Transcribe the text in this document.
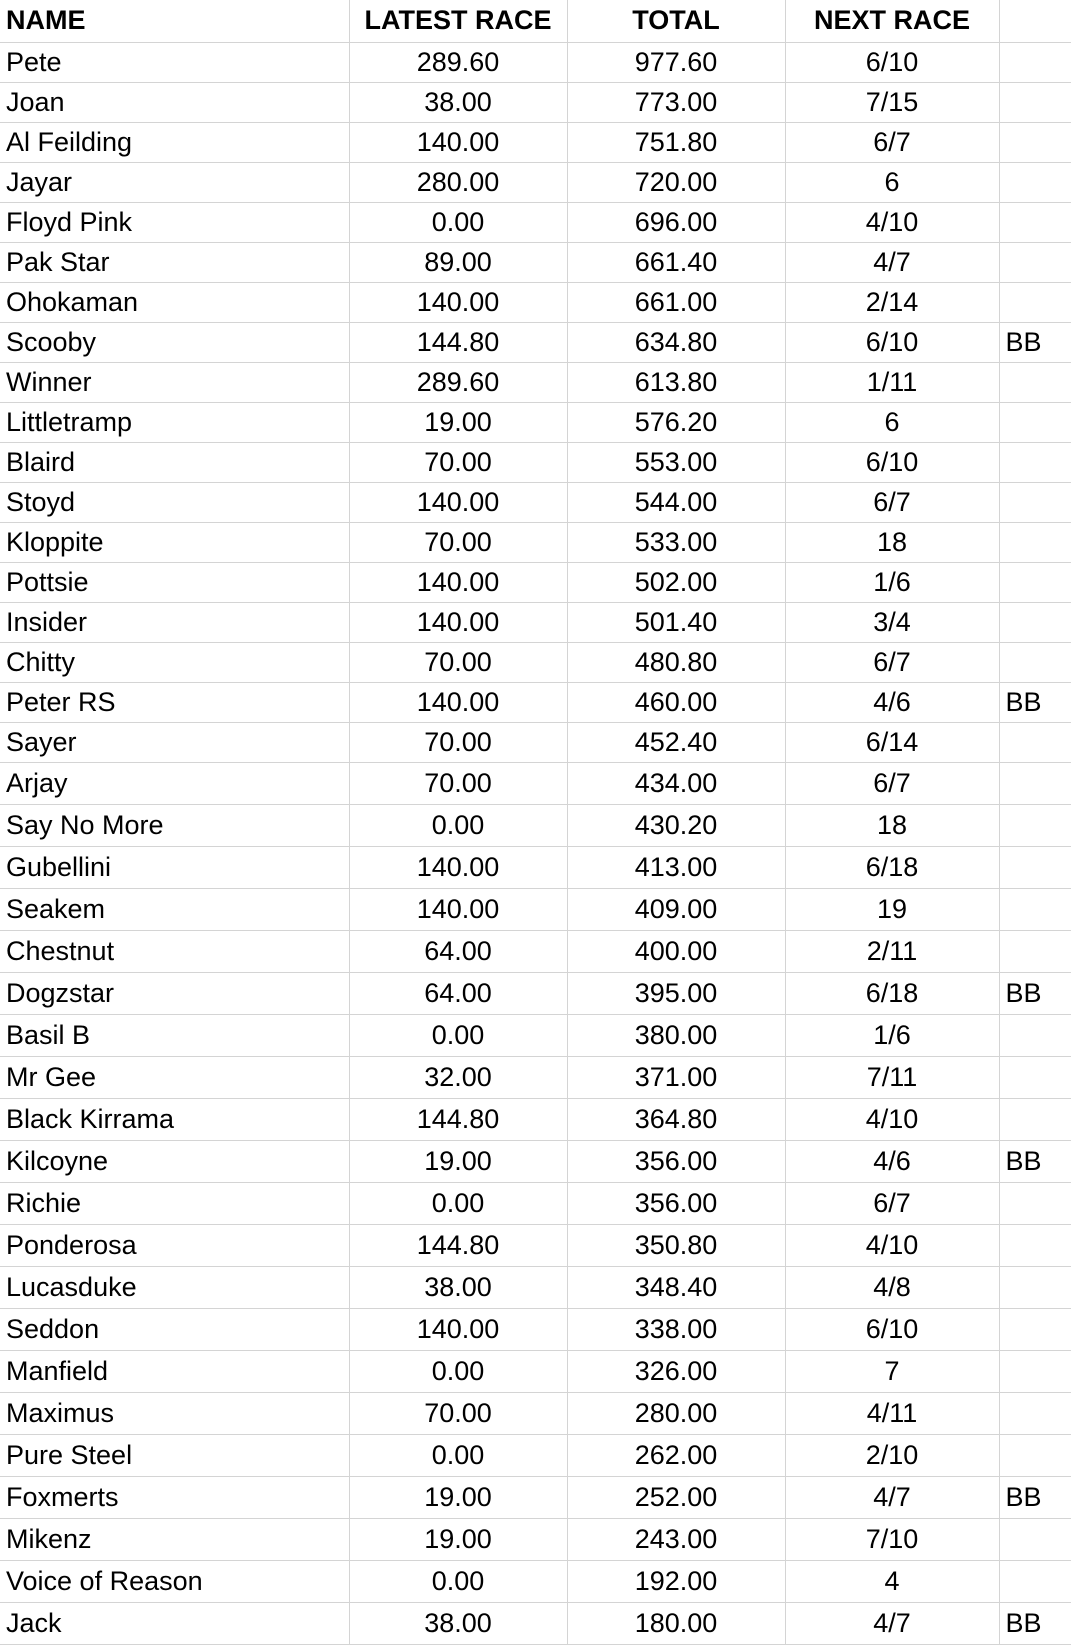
NAME	LATEST RACE	TOTAL	NEXT RACE	
Pete	289.60	977.60	6/10	
Joan	38.00	773.00	7/15	
Al Feilding	140.00	751.80	6/7	
Jayar	280.00	720.00	6	
Floyd Pink	0.00	696.00	4/10	
Pak Star	89.00	661.40	4/7	
Ohokaman	140.00	661.00	2/14	
Scooby	144.80	634.80	6/10	BB
Winner	289.60	613.80	1/11	
Littletramp	19.00	576.20	6	
Blaird	70.00	553.00	6/10	
Stoyd	140.00	544.00	6/7	
Kloppite	70.00	533.00	18	
Pottsie	140.00	502.00	1/6	
Insider	140.00	501.40	3/4	
Chitty	70.00	480.80	6/7	
Peter RS	140.00	460.00	4/6	BB
Sayer	70.00	452.40	6/14	
Arjay	70.00	434.00	6/7	
Say No More	0.00	430.20	18	
Gubellini	140.00	413.00	6/18	
Seakem	140.00	409.00	19	
Chestnut	64.00	400.00	2/11	
Dogzstar	64.00	395.00	6/18	BB
Basil B	0.00	380.00	1/6	
Mr Gee	32.00	371.00	7/11	
Black Kirrama	144.80	364.80	4/10	
Kilcoyne	19.00	356.00	4/6	BB
Richie	0.00	356.00	6/7	
Ponderosa	144.80	350.80	4/10	
Lucasduke	38.00	348.40	4/8	
Seddon	140.00	338.00	6/10	
Manfield	0.00	326.00	7	
Maximus	70.00	280.00	4/11	
Pure Steel	0.00	262.00	2/10	
Foxmerts	19.00	252.00	4/7	BB
Mikenz	19.00	243.00	7/10	
Voice of Reason	0.00	192.00	4	
Jack	38.00	180.00	4/7	BB
